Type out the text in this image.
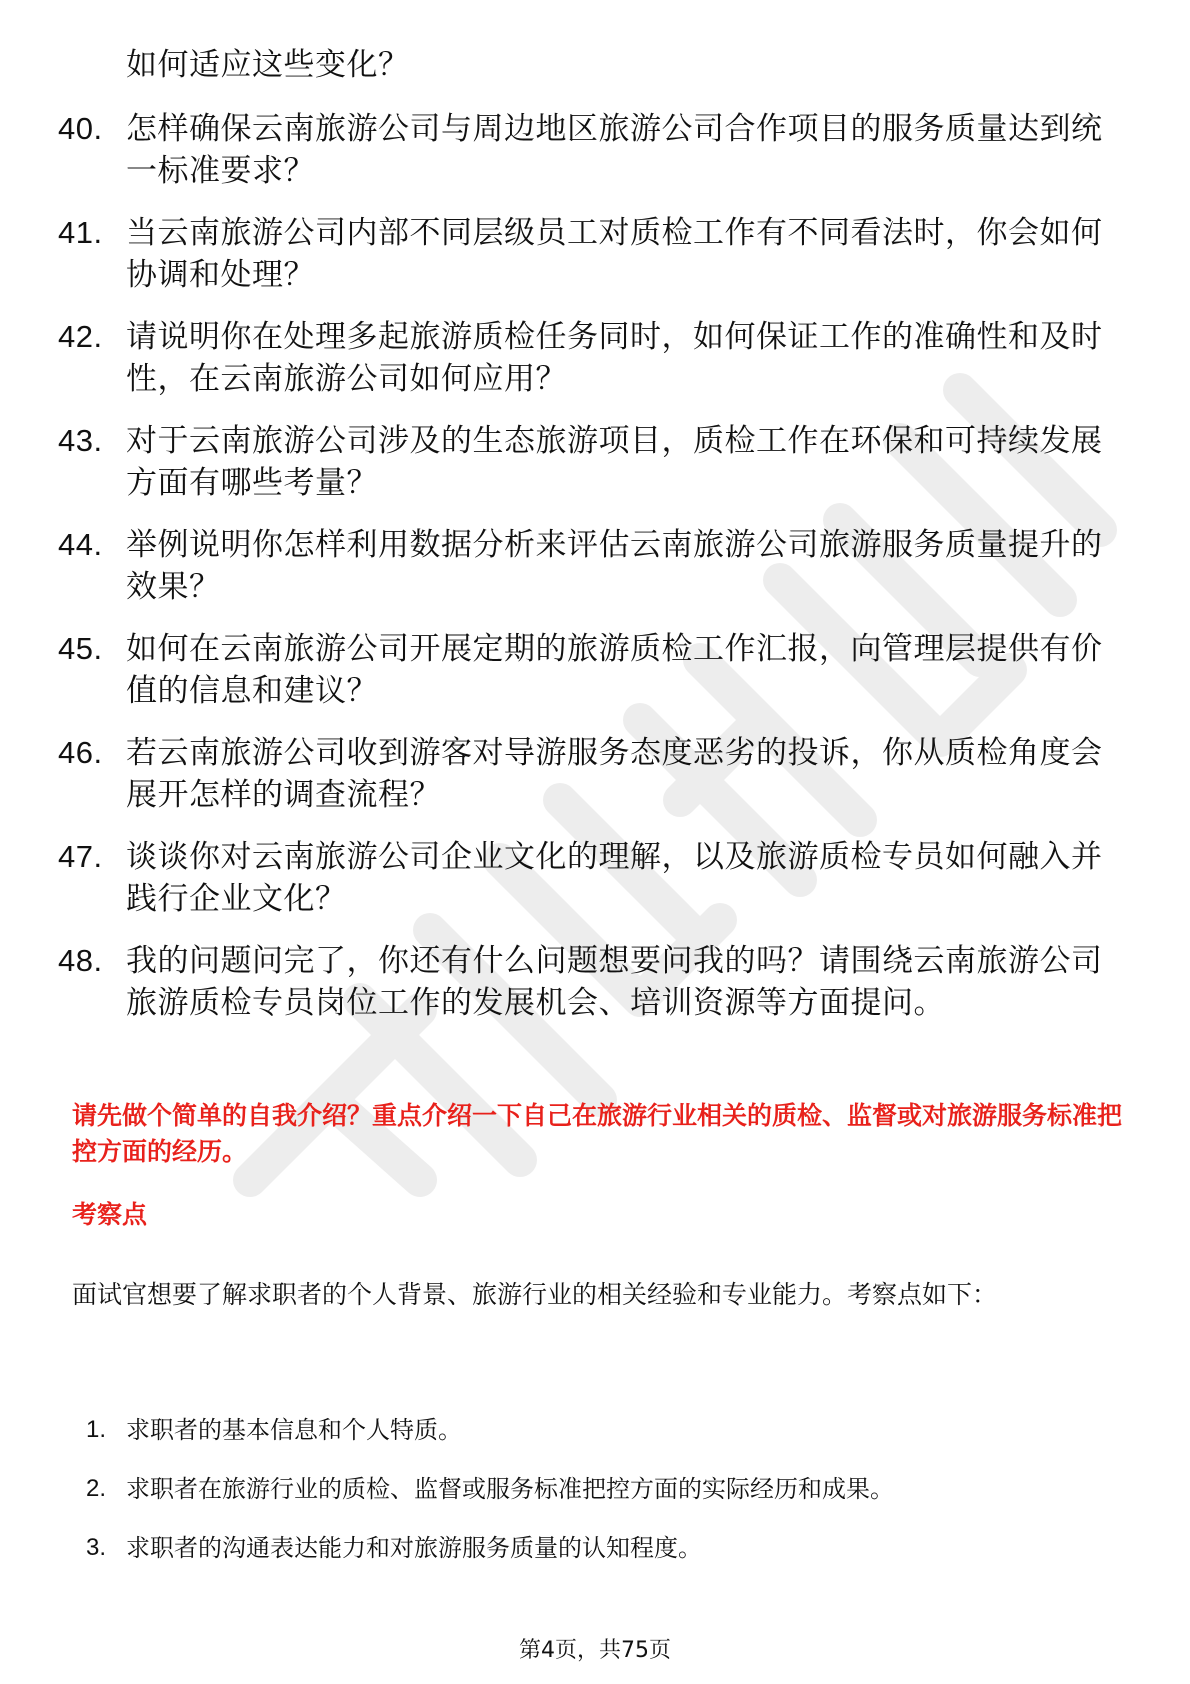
如何适应这些变化？
40. 怎样确保云南旅游公司与周边地区旅游公司合作项目的服务质量达到统一标准要求？
41. 当云南旅游公司内部不同层级员工对质检工作有不同看法时，你会如何协调和处理？
42. 请说明你在处理多起旅游质检任务同时，如何保证工作的准确性和及时性，在云南旅游公司如何应用？
43. 对于云南旅游公司涉及的生态旅游项目，质检工作在环保和可持续发展方面有哪些考量？
44. 举例说明你怎样利用数据分析来评估云南旅游公司旅游服务质量提升的效果？
45. 如何在云南旅游公司开展定期的旅游质检工作汇报，向管理层提供有价值的信息和建议？
46. 若云南旅游公司收到游客对导游服务态度恶劣的投诉，你从质检角度会展开怎样的调查流程？
47. 谈谈你对云南旅游公司企业文化的理解，以及旅游质检专员如何融入并践行企业文化？
48. 我的问题问完了，你还有什么问题想要问我的吗？请围绕云南旅游公司旅游质检专员岗位工作的发展机会、培训资源等方面提问。

请先做个简单的自我介绍？重点介绍一下自己在旅游行业相关的质检、监督或对旅游服务标准把控方面的经历。

考察点

面试官想要了解求职者的个人背景、旅游行业的相关经验和专业能力。考察点如下：

1. 求职者的基本信息和个人特质。
2. 求职者在旅游行业的质检、监督或服务标准把控方面的实际经历和成果。
3. 求职者的沟通表达能力和对旅游服务质量的认知程度。
第4页，共75页
